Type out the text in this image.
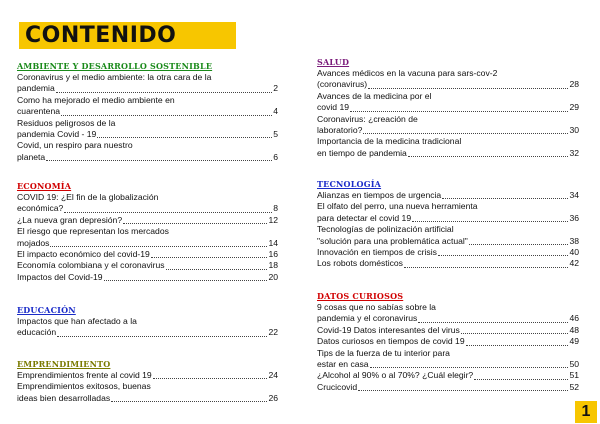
CONTENIDO
AMBIENTE Y DESARROLLO SOSTENIBLE
Coronavirus y el medio ambiente: la otra cara de la
pandemia	2
Como ha mejorado el medio ambiente en
cuarentena	4
Residuos peligrosos de la
pandemia Covid - 19	5
Covid, un respiro para nuestro
planeta	6
ECONOMÍA
COVID 19: ¿El fin de la globalización
económica?	8
¿La nueva gran depresión?	12
El riesgo que representan los mercados
mojados	14
El impacto económico del covid-19	16
Economía colombiana y el coronavirus	18
Impactos del Covid-19	20
EDUCACIÓN
Impactos que han afectado a la
educación	22
EMPRENDIMIENTO
Emprendimientos frente al covid 19	24
Emprendimientos exitosos, buenas
ideas bien desarrolladas	26
SALUD
Avances médicos en la vacuna para sars-cov-2
(coronavirus)	28
Avances de la medicina por el
covid 19	29
Coronavirus: ¿creación de
laboratorio?	30
Importancia de la medicina tradicional
en tiempo de pandemia	32
TECNOLOGÍA
Alianzas en tiempos de urgencia	34
El olfato del perro, una nueva herramienta
para detectar el covid 19	36
Tecnologías de polinización artificial
"solución para una problemática actual"	38
Innovación en tiempos de crisis	40
Los robots domésticos	42
DATOS CURIOSOS
9 cosas que no sabías sobre la
pandemia y el coronavirus	46
Covid-19 Datos interesantes del virus	48
Datos curiosos en tiempos de covid 19	49
Tips de la fuerza de tu interior para
estar en casa	50
¿Alcohol al 90% o al 70%? ¿Cuál elegir?	51
Crucicovid	52
1
